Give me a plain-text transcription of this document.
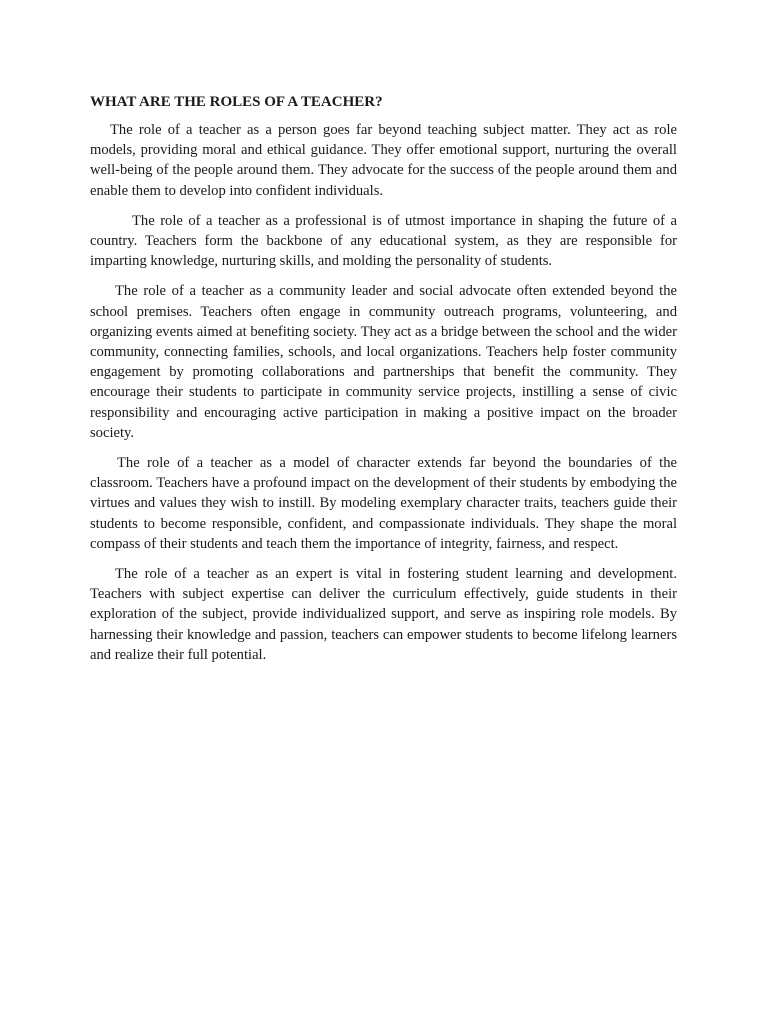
WHAT ARE THE ROLES OF A TEACHER?

The role of a teacher as a person goes far beyond teaching subject matter. They act as role models, providing moral and ethical guidance. They offer emotional support, nurturing the overall well-being of the people around them. They advocate for the success of the people around them and enable them to develop into confident individuals.

The role of a teacher as a professional is of utmost importance in shaping the future of a country. Teachers form the backbone of any educational system, as they are responsible for imparting knowledge, nurturing skills, and molding the personality of students.

The role of a teacher as a community leader and social advocate often extended beyond the school premises. Teachers often engage in community outreach programs, volunteering, and organizing events aimed at benefiting society. They act as a bridge between the school and the wider community, connecting families, schools, and local organizations. Teachers help foster community engagement by promoting collaborations and partnerships that benefit the community. They encourage their students to participate in community service projects, instilling a sense of civic responsibility and encouraging active participation in making a positive impact on the broader society.

The role of a teacher as a model of character extends far beyond the boundaries of the classroom. Teachers have a profound impact on the development of their students by embodying the virtues and values they wish to instill. By modeling exemplary character traits, teachers guide their students to become responsible, confident, and compassionate individuals. They shape the moral compass of their students and teach them the importance of integrity, fairness, and respect.

The role of a teacher as an expert is vital in fostering student learning and development. Teachers with subject expertise can deliver the curriculum effectively, guide students in their exploration of the subject, provide individualized support, and serve as inspiring role models. By harnessing their knowledge and passion, teachers can empower students to become lifelong learners and realize their full potential.
